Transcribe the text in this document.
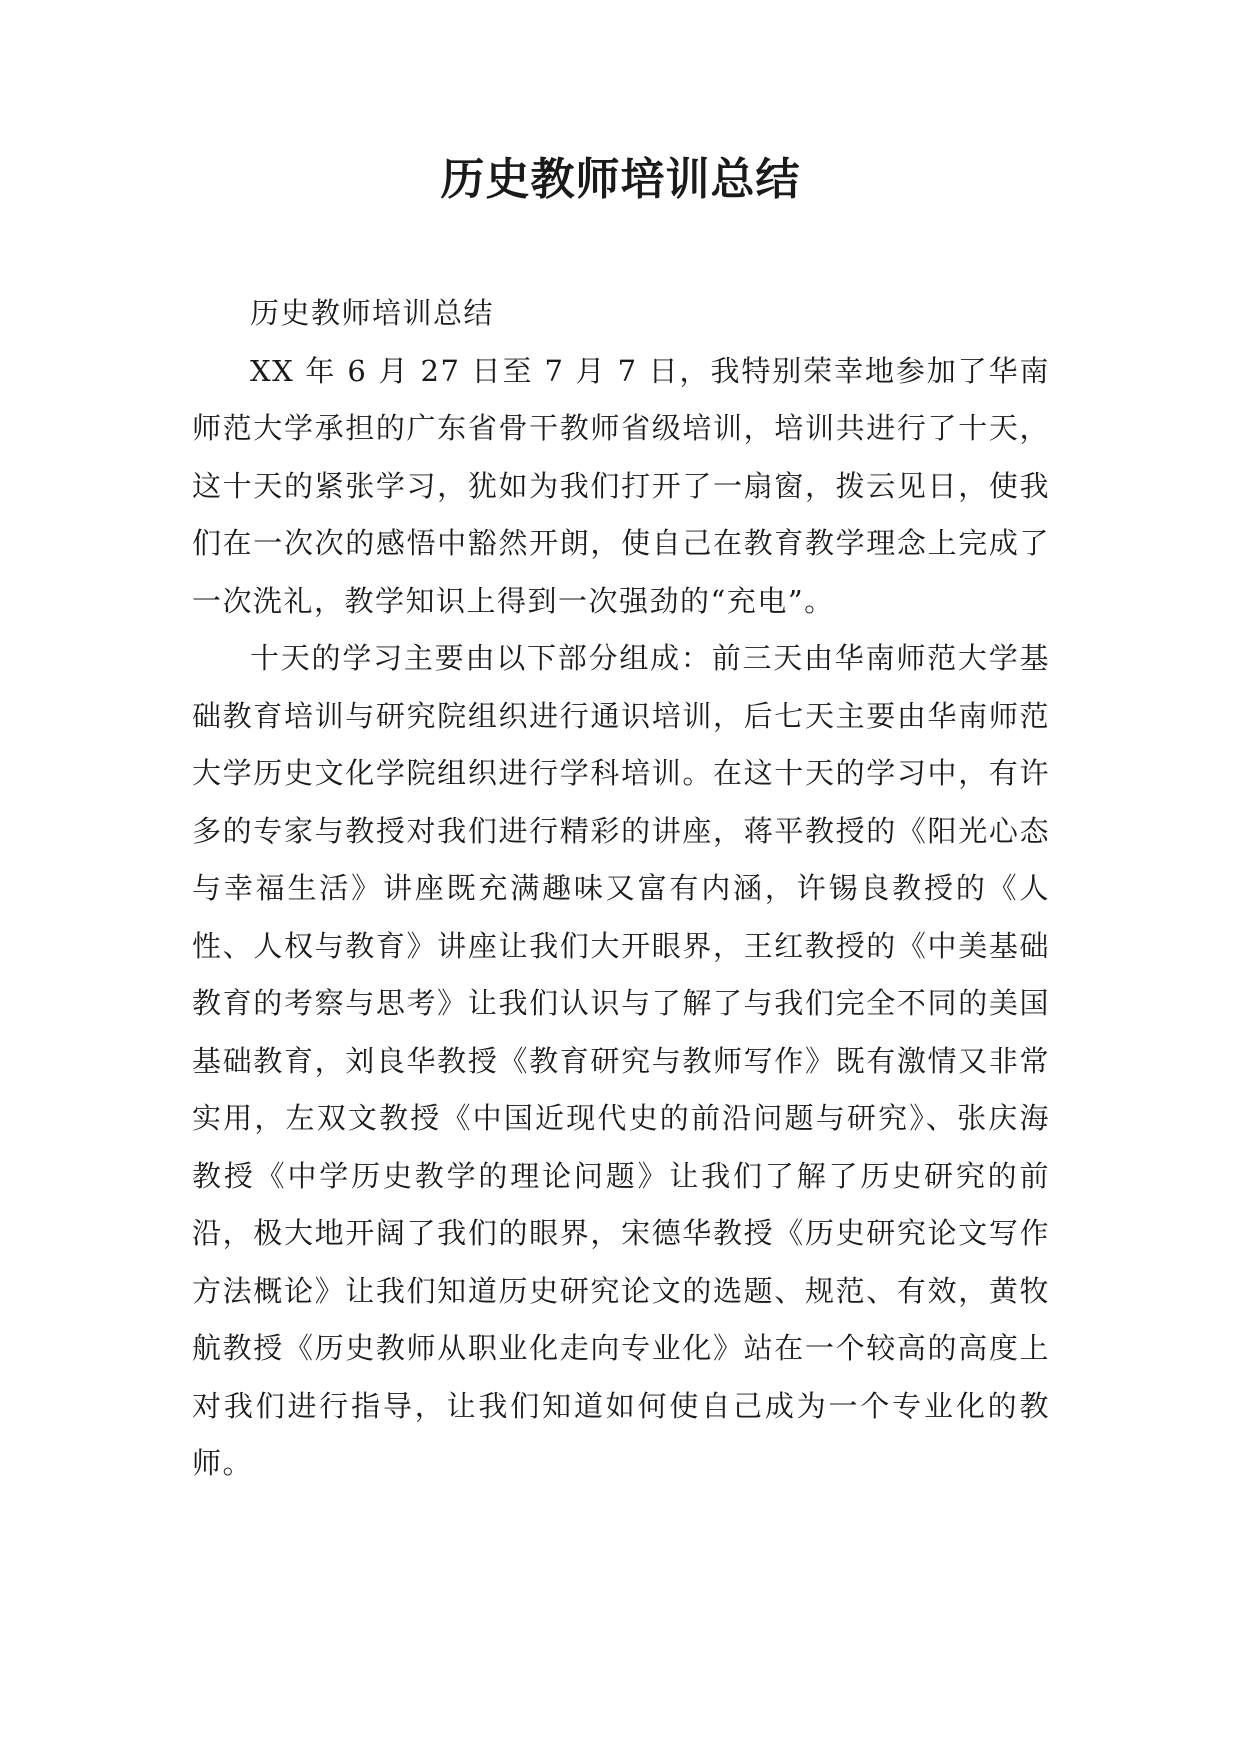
历史教师培训总结

历史教师培训总结

XX 年 6 月 27 日至 7 月 7 日，我特别荣幸地参加了华南师范大学承担的广东省骨干教师省级培训，培训共进行了十天，这十天的紧张学习，犹如为我们打开了一扇窗，拨云见日，使我们在一次次的感悟中豁然开朗，使自己在教育教学理念上完成了一次洗礼，教学知识上得到一次强劲的“充电”。

十天的学习主要由以下部分组成：前三天由华南师范大学基础教育培训与研究院组织进行通识培训，后七天主要由华南师范大学历史文化学院组织进行学科培训。在这十天的学习中，有许多的专家与教授对我们进行精彩的讲座，蒋平教授的《阳光心态与幸福生活》讲座既充满趣味又富有内涵，许锡良教授的《人性、人权与教育》讲座让我们大开眼界，王红教授的《中美基础教育的考察与思考》让我们认识与了解了与我们完全不同的美国基础教育，刘良华教授《教育研究与教师写作》既有激情又非常实用，左双文教授《中国近现代史的前沿问题与研究》、张庆海教授《中学历史教学的理论问题》让我们了解了历史研究的前沿，极大地开阔了我们的眼界，宋德华教授《历史研究论文写作方法概论》让我们知道历史研究论文的选题、规范、有效，黄牧航教授《历史教师从职业化走向专业化》站在一个较高的高度上对我们进行指导，让我们知道如何使自己成为一个专业化的教师。
